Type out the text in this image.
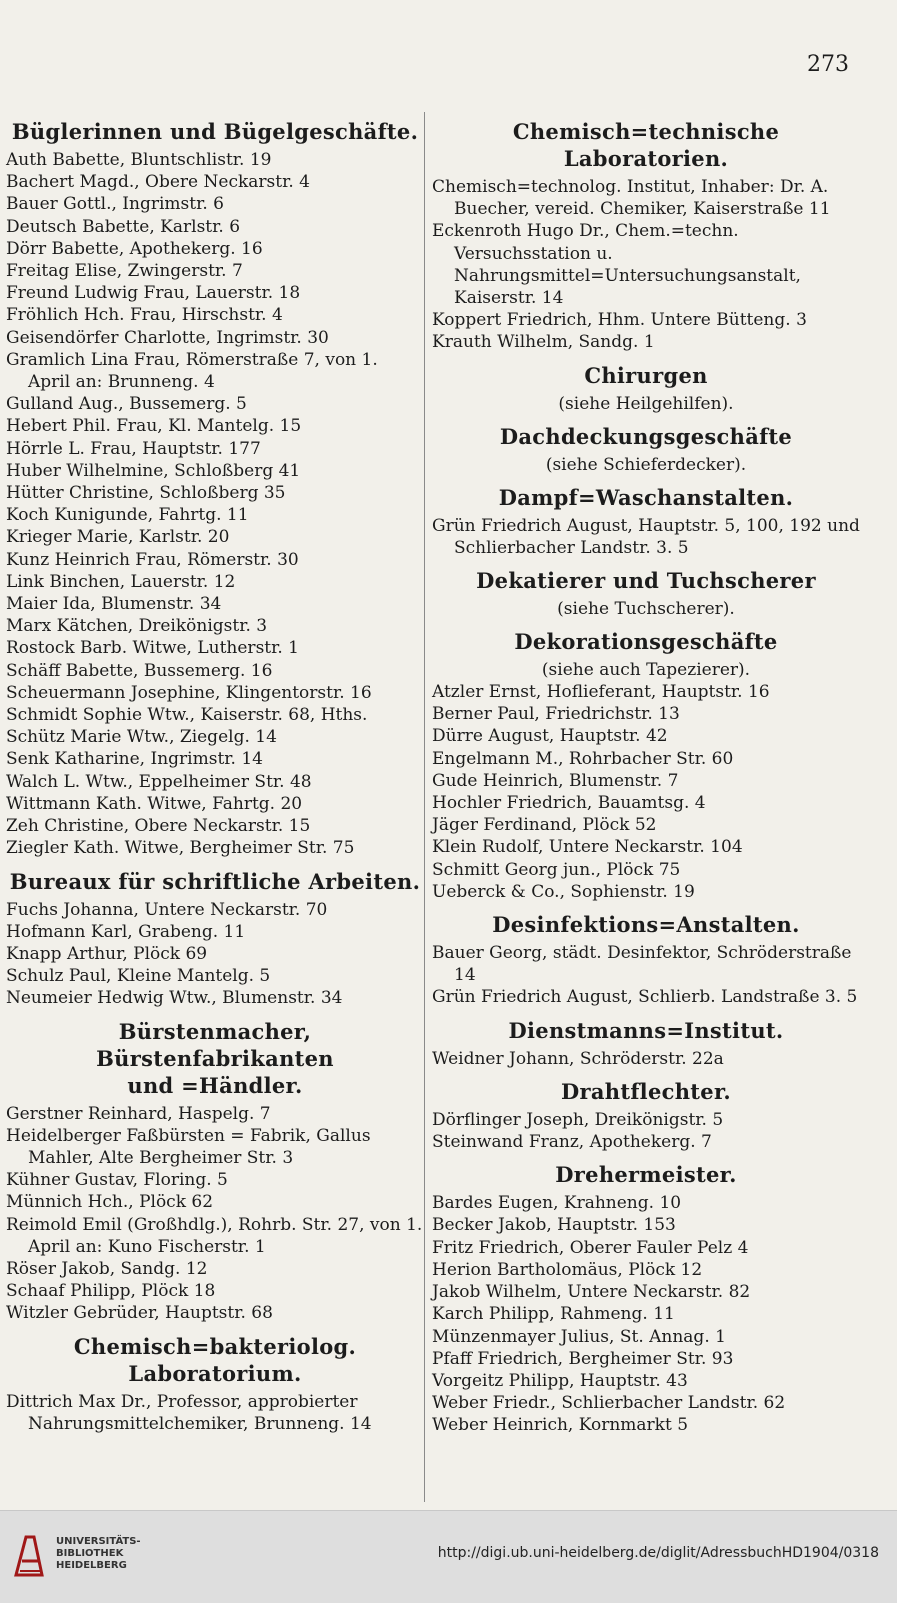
273
Büglerinnen und Bügelgeschäfte.
Auth Babette, Bluntschlistr. 19
Bachert Magd., Obere Neckarstr. 4
Bauer Gottl., Ingrimstr. 6
Deutsch Babette, Karlstr. 6
Dörr Babette, Apothekerg. 16
Freitag Elise, Zwingerstr. 7
Freund Ludwig Frau, Lauerstr. 18
Fröhlich Hch. Frau, Hirschstr. 4
Geisendörfer Charlotte, Ingrimstr. 30
Gramlich Lina Frau, Römerstraße 7, von 1. April an: Brunneng. 4
Gulland Aug., Bussemerg. 5
Hebert Phil. Frau, Kl. Mantelg. 15
Hörrle L. Frau, Hauptstr. 177
Huber Wilhelmine, Schloßberg 41
Hütter Christine, Schloßberg 35
Koch Kunigunde, Fahrtg. 11
Krieger Marie, Karlstr. 20
Kunz Heinrich Frau, Römerstr. 30
Link Binchen, Lauerstr. 12
Maier Ida, Blumenstr. 34
Marx Kätchen, Dreikönigstr. 3
Rostock Barb. Witwe, Lutherstr. 1
Schäff Babette, Bussemerg. 16
Scheuermann Josephine, Klingentorstr. 16
Schmidt Sophie Wtw., Kaiserstr. 68, Hths.
Schütz Marie Wtw., Ziegelg. 14
Senk Katharine, Ingrimstr. 14
Walch L. Wtw., Eppelheimer Str. 48
Wittmann Kath. Witwe, Fahrtg. 20
Zeh Christine, Obere Neckarstr. 15
Ziegler Kath. Witwe, Bergheimer Str. 75
Bureaux für schriftliche Arbeiten.
Fuchs Johanna, Untere Neckarstr. 70
Hofmann Karl, Grabeng. 11
Knapp Arthur, Plöck 69
Schulz Paul, Kleine Mantelg. 5
Neumeier Hedwig Wtw., Blumenstr. 34
Bürstenmacher, Bürstenfabrikanten
und =Händler.
Gerstner Reinhard, Haspelg. 7
Heidelberger Faßbürsten = Fabrik, Gallus Mahler, Alte Bergheimer Str. 3
Kühner Gustav, Floring. 5
Münnich Hch., Plöck 62
Reimold Emil (Großhdlg.), Rohrb. Str. 27, von 1. April an: Kuno Fischerstr. 1
Röser Jakob, Sandg. 12
Schaaf Philipp, Plöck 18
Witzler Gebrüder, Hauptstr. 68
Chemisch=bakteriolog. Laboratorium.
Dittrich Max Dr., Professor, approbierter Nahrungsmittelchemiker, Brunneng. 14
Chemisch=technische Laboratorien.
Chemisch=technolog. Institut, Inhaber: Dr. A. Buecher, vereid. Chemiker, Kaiserstraße 11
Eckenroth Hugo Dr., Chem.=techn. Versuchsstation u. Nahrungsmittel=Untersuchungsanstalt, Kaiserstr. 14
Koppert Friedrich, Hhm. Untere Bütteng. 3
Krauth Wilhelm, Sandg. 1
Chirurgen
(siehe Heilgehilfen).
Dachdeckungsgeschäfte
(siehe Schieferdecker).
Dampf=Waschanstalten.
Grün Friedrich August, Hauptstr. 5, 100, 192 und Schlierbacher Landstr. 3. 5
Dekatierer und Tuchscherer
(siehe Tuchscherer).
Dekorationsgeschäfte
(siehe auch Tapezierer).
Atzler Ernst, Hoflieferant, Hauptstr. 16
Berner Paul, Friedrichstr. 13
Dürre August, Hauptstr. 42
Engelmann M., Rohrbacher Str. 60
Gude Heinrich, Blumenstr. 7
Hochler Friedrich, Bauamtsg. 4
Jäger Ferdinand, Plöck 52
Klein Rudolf, Untere Neckarstr. 104
Schmitt Georg jun., Plöck 75
Ueberck & Co., Sophienstr. 19
Desinfektions=Anstalten.
Bauer Georg, städt. Desinfektor, Schröderstraße 14
Grün Friedrich August, Schlierb. Landstraße 3. 5
Dienstmanns=Institut.
Weidner Johann, Schröderstr. 22a
Drahtflechter.
Dörflinger Joseph, Dreikönigstr. 5
Steinwand Franz, Apothekerg. 7
Drehermeister.
Bardes Eugen, Krahneng. 10
Becker Jakob, Hauptstr. 153
Fritz Friedrich, Oberer Fauler Pelz 4
Herion Bartholomäus, Plöck 12
Jakob Wilhelm, Untere Neckarstr. 82
Karch Philipp, Rahmeng. 11
Münzenmayer Julius, St. Annag. 1
Pfaff Friedrich, Bergheimer Str. 93
Vorgeitz Philipp, Hauptstr. 43
Weber Friedr., Schlierbacher Landstr. 62
Weber Heinrich, Kornmarkt 5
UNIVERSITÄTS-
BIBLIOTHEK
HEIDELBERG
http://digi.ub.uni-heidelberg.de/diglit/AdressbuchHD1904/0318
